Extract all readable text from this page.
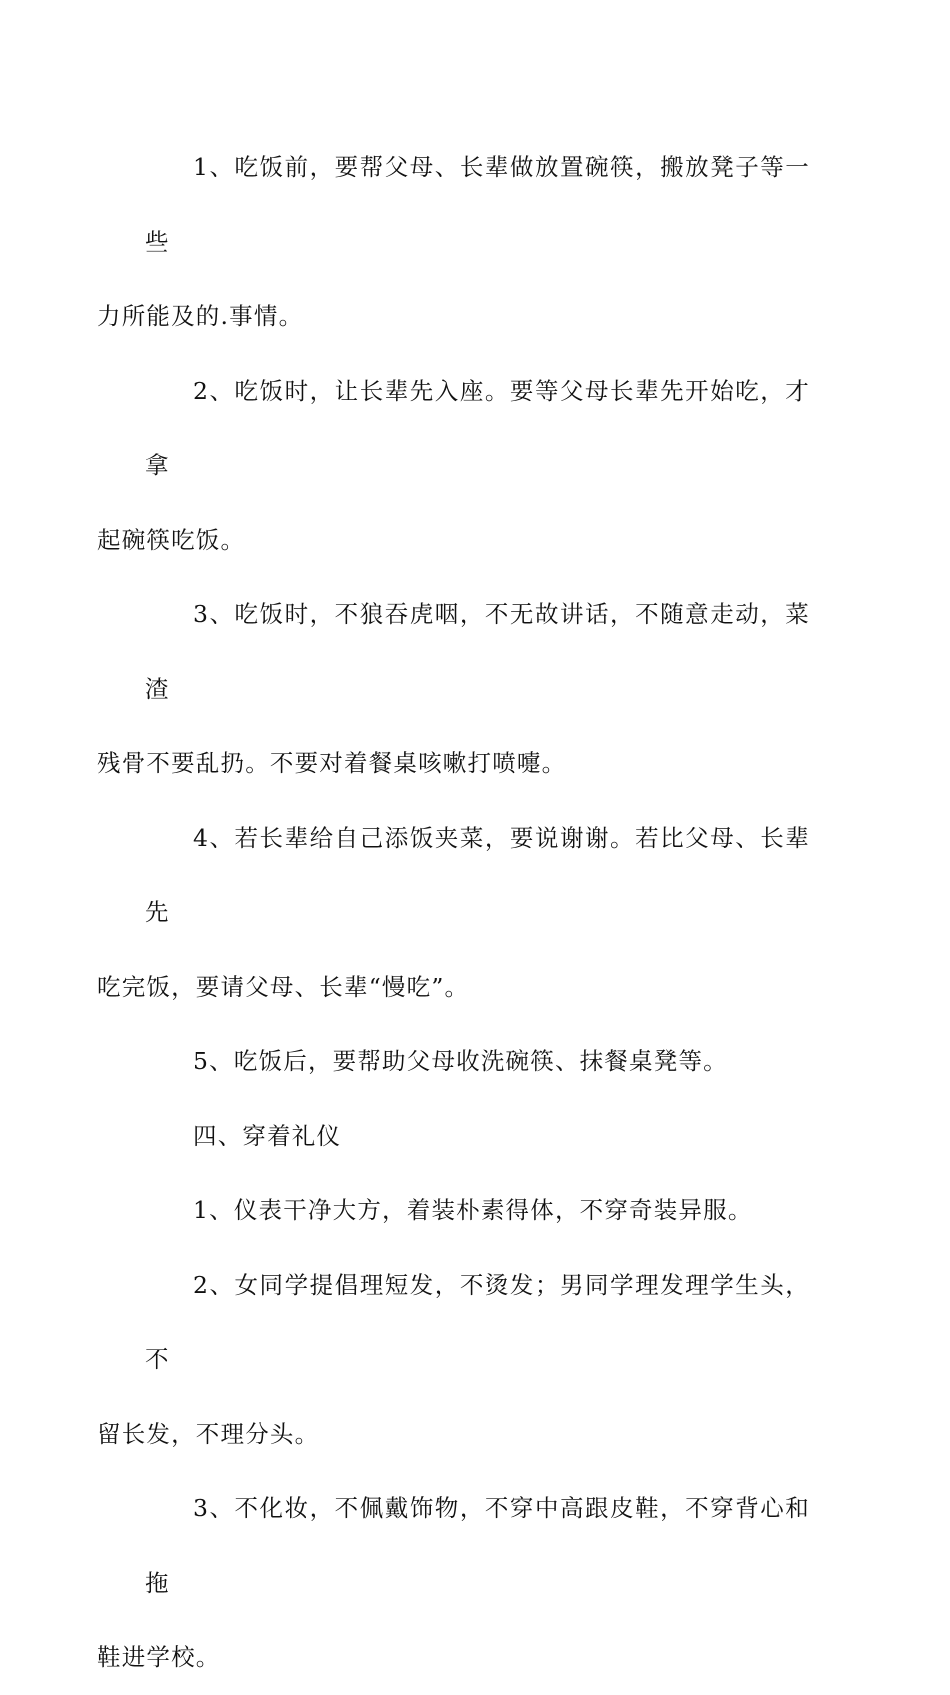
1、吃饭前，要帮父母、长辈做放置碗筷，搬放凳子等一些
力所能及的.事情。

2、吃饭时，让长辈先入座。要等父母长辈先开始吃，才拿
起碗筷吃饭。

3、吃饭时，不狼吞虎咽，不无故讲话，不随意走动，菜渣
残骨不要乱扔。不要对着餐桌咳嗽打喷嚏。

4、若长辈给自己添饭夹菜，要说谢谢。若比父母、长辈先
吃完饭，要请父母、长辈“慢吃”。

5、吃饭后，要帮助父母收洗碗筷、抹餐桌凳等。

四、穿着礼仪

1、仪表干净大方，着装朴素得体，不穿奇装异服。

2、女同学提倡理短发，不烫发；男同学理发理学生头，不
留长发，不理分头。

3、不化妆，不佩戴饰物，不穿中高跟皮鞋，不穿背心和拖
鞋进学校。
